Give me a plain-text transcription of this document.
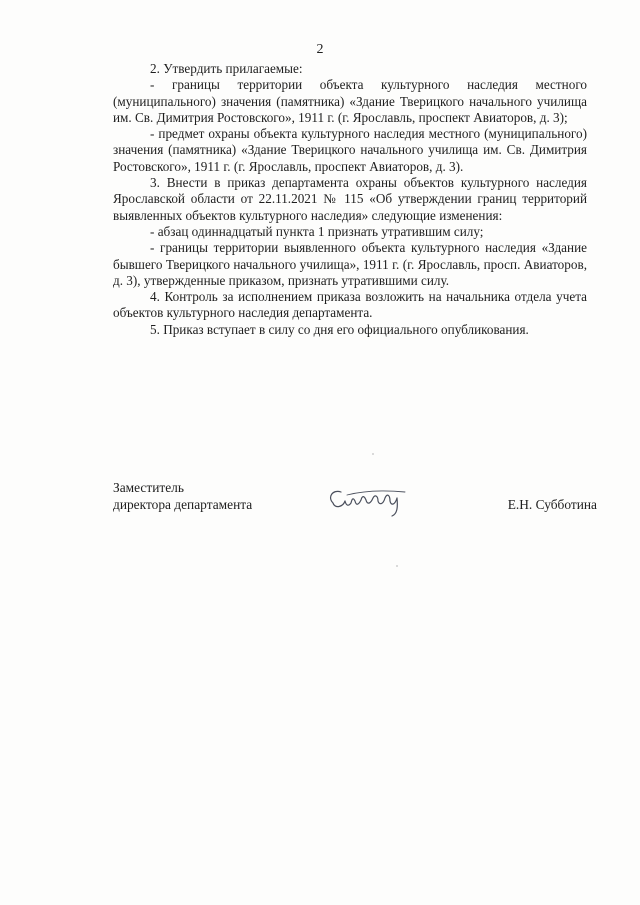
2

2. Утвердить прилагаемые:

- границы территории объекта культурного наследия местного (муниципального) значения (памятника) «Здание Тверицкого начального училища им. Св. Димитрия Ростовского», 1911 г. (г. Ярославль, проспект Авиаторов, д. 3);

- предмет охраны объекта культурного наследия местного (муниципального) значения (памятника) «Здание Тверицкого начального училища им. Св. Димитрия Ростовского», 1911 г. (г. Ярославль, проспект Авиаторов, д. 3).

3. Внести в приказ департамента охраны объектов культурного наследия Ярославской области от 22.11.2021 № 115 «Об утверждении границ территорий выявленных объектов культурного наследия» следующие изменения:

- абзац одиннадцатый пункта 1 признать утратившим силу;

- границы территории выявленного объекта культурного наследия «Здание бывшего Тверицкого начального училища», 1911 г. (г. Ярославль, просп. Авиаторов, д. 3), утвержденные приказом, признать утратившими силу.

4. Контроль за исполнением приказа возложить на начальника отдела учета объектов культурного наследия департамента.

5. Приказ вступает в силу со дня его официального опубликования.

Заместитель
директора департамента	Е.Н. Субботина
